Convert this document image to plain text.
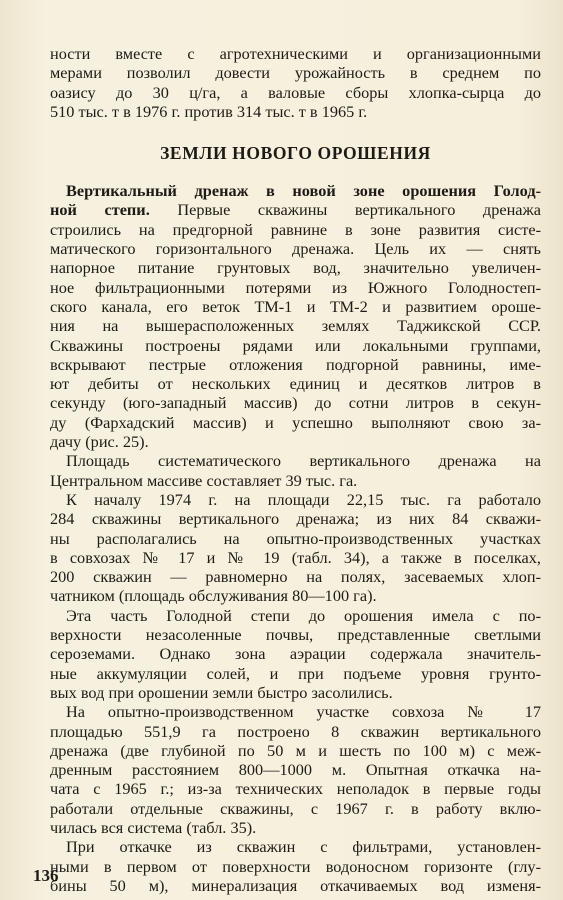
ности вместе с агротехническими и организационными
мерами позволил довести урожайность в среднем по
оазису до 30 ц/га, а валовые сборы хлопка-сырца до
510 тыс. т в 1976 г. против 314 тыс. т в 1965 г.
ЗЕМЛИ НОВОГО ОРОШЕНИЯ
Вертикальный дренаж в новой зоне орошения Голод-
ной степи. Первые скважины вертикального дренажа
строились на предгорной равнине в зоне развития систе-
матического горизонтального дренажа. Цель их — снять
напорное питание грунтовых вод, значительно увеличен-
ное фильтрационными потерями из Южного Голодностеп-
ского канала, его веток ТМ-1 и ТМ-2 и развитием ороше-
ния на вышерасположенных землях Таджикской ССР.
Скважины построены рядами или локальными группами,
вскрывают пестрые отложения подгорной равнины, име-
ют дебиты от нескольких единиц и десятков литров в
секунду (юго-западный массив) до сотни литров в секун-
ду (Фархадский массив) и успешно выполняют свою за-
дачу (рис. 25).
Площадь систематического вертикального дренажа на
Центральном массиве составляет 39 тыс. га.
К началу 1974 г. на площади 22,15 тыс. га работало
284 скважины вертикального дренажа; из них 84 скважи-
ны располагались на опытно-производственных участках
в совхозах № 17 и № 19 (табл. 34), а также в поселках,
200 скважин — равномерно на полях, засеваемых хлоп-
чатником (площадь обслуживания 80—100 га).
Эта часть Голодной степи до орошения имела с по-
верхности незасоленные почвы, представленные светлыми
сероземами. Однако зона аэрации содержала значитель-
ные аккумуляции солей, и при подъеме уровня грунто-
вых вод при орошении земли быстро засолились.
На опытно-производственном участке совхоза № 17
площадью 551,9 га построено 8 скважин вертикального
дренажа (две глубиной по 50 м и шесть по 100 м) с меж-
дренным расстоянием 800—1000 м. Опытная откачка на-
чата с 1965 г.; из-за технических неполадок в первые годы
работали отдельные скважины, с 1967 г. в работу вклю-
чилась вся система (табл. 35).
При откачке из скважин с фильтрами, установлен-
ными в первом от поверхности водоносном горизонте (глу-
бины 50 м), минерализация откачиваемых вод изменя-
136
